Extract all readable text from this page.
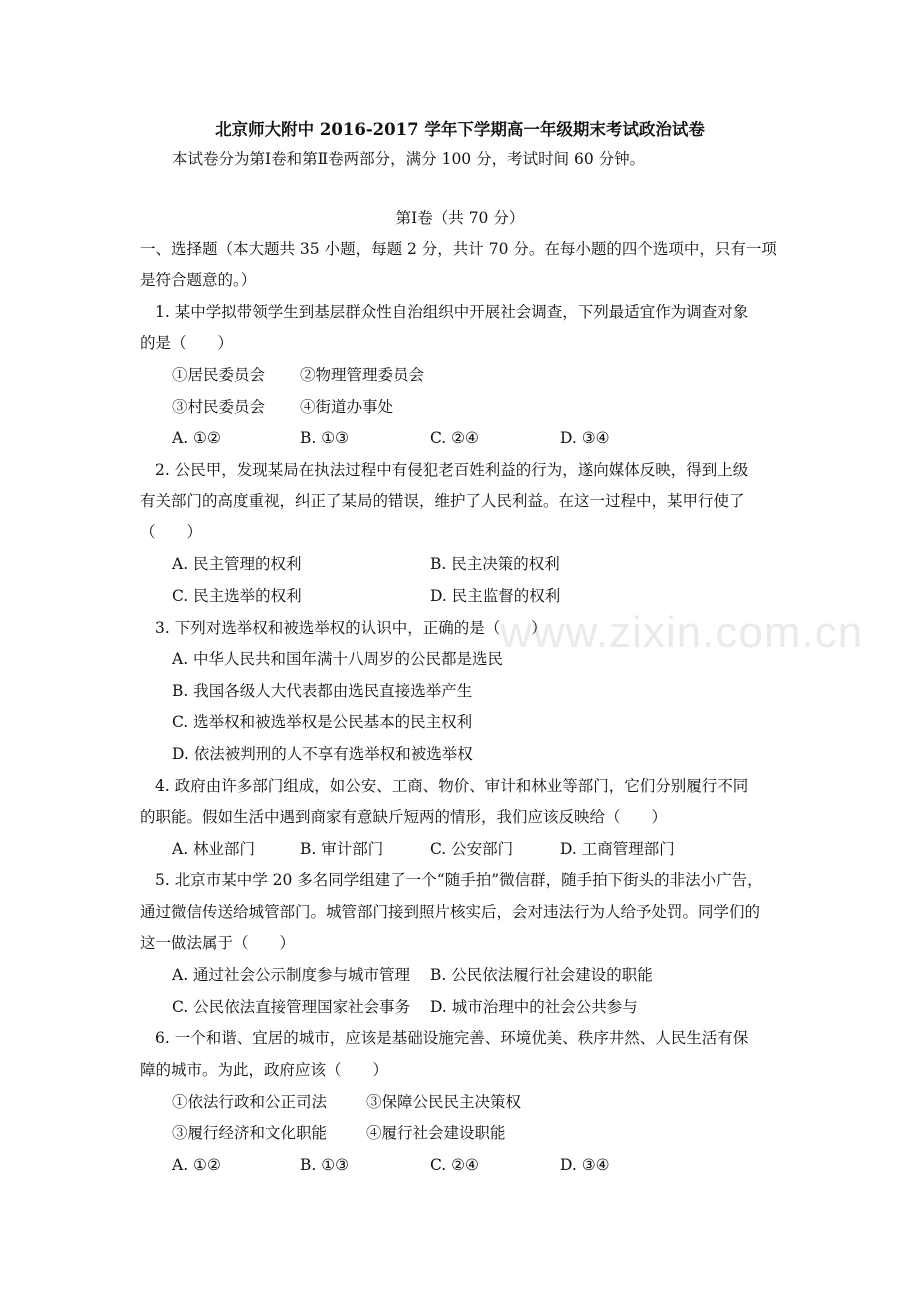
www.zixin.com.cn
北京师大附中 2016-2017 学年下学期高一年级期末考试政治试卷
本试卷分为第Ⅰ卷和第Ⅱ卷两部分，满分 100 分，考试时间 60 分钟。
第Ⅰ卷（共 70 分）
一、选择题（本大题共 35 小题，每题 2 分，共计 70 分。在每小题的四个选项中，只有一项
是符合题意的。）
1. 某中学拟带领学生到基层群众性自治组织中开展社会调查，下列最适宜作为调查对象
的是（　　）
①居民委员会 ②物理管理委员会
③村民委员会 ④街道办事处
A. ①②	B. ①③	C. ②④	D. ③④
2. 公民甲，发现某局在执法过程中有侵犯老百姓利益的行为，遂向媒体反映，得到上级
有关部门的高度重视，纠正了某局的错误，维护了人民利益。在这一过程中，某甲行使了
（　　）
A. 民主管理的权利	B. 民主决策的权利
C. 民主选举的权利	D. 民主监督的权利
3. 下列对选举权和被选举权的认识中，正确的是（　　）
A. 中华人民共和国年满十八周岁的公民都是选民
B. 我国各级人大代表都由选民直接选举产生
C. 选举权和被选举权是公民基本的民主权利
D. 依法被判刑的人不享有选举权和被选举权
4. 政府由许多部门组成，如公安、工商、物价、审计和林业等部门，它们分别履行不同
的职能。假如生活中遇到商家有意缺斤短两的情形，我们应该反映给（　　）
A. 林业部门	B. 审计部门	C. 公安部门	D. 工商管理部门
5. 北京市某中学 20 多名同学组建了一个“随手拍”微信群，随手拍下街头的非法小广告，
通过微信传送给城管部门。城管部门接到照片核实后，会对违法行为人给予处罚。同学们的
这一做法属于（　　）
A. 通过社会公示制度参与城市管理 B. 公民依法履行社会建设的职能
C. 公民依法直接管理国家社会事务 D. 城市治理中的社会公共参与
6. 一个和谐、宜居的城市，应该是基础设施完善、环境优美、秩序井然、人民生活有保
障的城市。为此，政府应该（　　）
①依法行政和公正司法	③保障公民民主决策权
③履行经济和文化职能	④履行社会建设职能
A. ①②	B. ①③	C. ②④	D. ③④
